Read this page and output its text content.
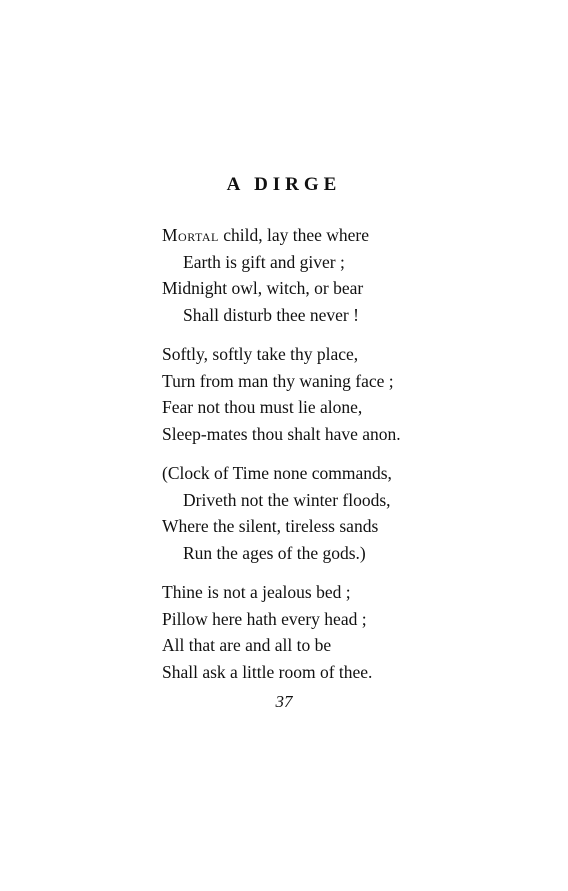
A DIRGE
Mortal child, lay thee where
Earth is gift and giver ;
Midnight owl, witch, or bear
Shall disturb thee never !
Softly, softly take thy place,
Turn from man thy waning face ;
Fear not thou must lie alone,
Sleep-mates thou shalt have anon.
(Clock of Time none commands,
Driveth not the winter floods,
Where the silent, tireless sands
Run the ages of the gods.)
Thine is not a jealous bed ;
Pillow here hath every head ;
All that are and all to be
Shall ask a little room of thee.
37
